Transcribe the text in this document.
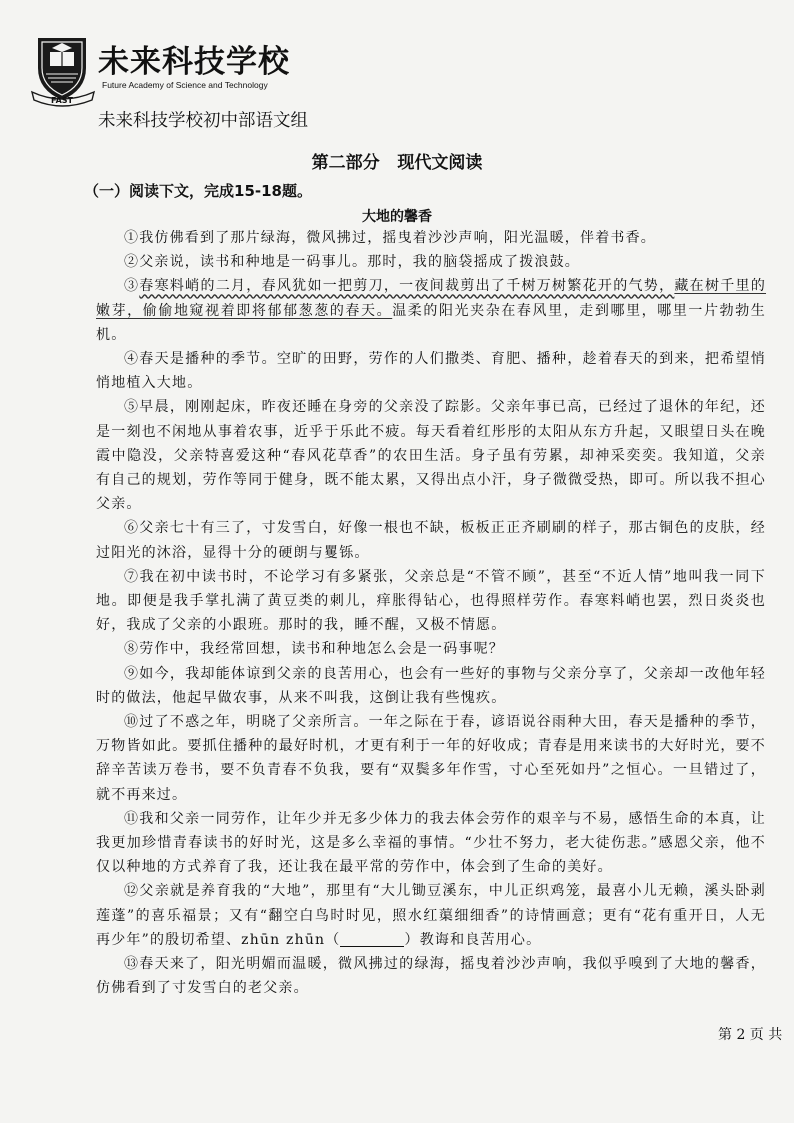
FAST
未来科技学校
Future Academy of Science and Technology
未来科技学校初中部语文组
第二部分   现代文阅读
（一）阅读下文，完成15-18题。
大地的馨香

①我仿佛看到了那片绿海，微风拂过，摇曳着沙沙声响，阳光温暖，伴着书香。

②父亲说，读书和种地是一码事儿。那时，我的脑袋摇成了拨浪鼓。

③春寒料峭的二月，春风犹如一把剪刀，一夜间裁剪出了千树万树繁花开的气势，藏在树千里的嫩芽，偷偷地窥视着即将郁郁葱葱的春天。温柔的阳光夹杂在春风里，走到哪里，哪里一片勃勃生机。

④春天是播种的季节。空旷的田野，劳作的人们撒类、育肥、播种，趁着春天的到来，把希望悄悄地植入大地。

⑤早晨，刚刚起床，昨夜还睡在身旁的父亲没了踪影。父亲年事已高，已经过了退休的年纪，还是一刻也不闲地从事着农事，近乎于乐此不疲。每天看着红彤彤的太阳从东方升起，又眼望日头在晚霞中隐没，父亲特喜爱这种“春风花草香”的农田生活。身子虽有劳累，却神采奕奕。我知道，父亲有自己的规划，劳作等同于健身，既不能太累，又得出点小汗，身子微微受热，即可。所以我不担心父亲。

⑥父亲七十有三了，寸发雪白，好像一根也不缺，板板正正齐刷刷的样子，那古铜色的皮肤，经过阳光的沐浴，显得十分的硬朗与矍铄。

⑦我在初中读书时，不论学习有多紧张，父亲总是“不管不顾”，甚至“不近人情”地叫我一同下地。即便是我手掌扎满了黄豆类的刺儿，痒胀得钻心，也得照样劳作。春寒料峭也罢，烈日炎炎也好，我成了父亲的小跟班。那时的我，睡不醒，又极不情愿。

⑧劳作中，我经常回想，读书和种地怎么会是一码事呢？

⑨如今，我却能体谅到父亲的良苦用心，也会有一些好的事物与父亲分享了，父亲却一改他年轻时的做法，他起早做农事，从来不叫我，这倒让我有些愧疚。

⑩过了不惑之年，明晓了父亲所言。一年之际在于春，谚语说谷雨种大田，春天是播种的季节，万物皆如此。要抓住播种的最好时机，才更有利于一年的好收成；青春是用来读书的大好时光，要不辞辛苦读万卷书，要不负青春不负我，要有“双鬓多年作雪，寸心至死如丹”之恒心。一旦错过了，就不再来过。

⑪我和父亲一同劳作，让年少并无多少体力的我去体会劳作的艰辛与不易，感悟生命的本真，让我更加珍惜青春读书的好时光，这是多么幸福的事情。“少壮不努力，老大徒伤悲。”感恩父亲，他不仅以种地的方式养育了我，还让我在最平常的劳作中，体会到了生命的美好。

⑫父亲就是养育我的“大地”，那里有“大儿锄豆溪东，中儿正织鸡笼，最喜小儿无赖，溪头卧剥莲蓬”的喜乐福景；又有“翻空白鸟时时见，照水红蕖细细香”的诗情画意；更有“花有重开日，人无再少年”的殷切希望、zhūn zhūn（	）教诲和良苦用心。

⑬春天来了，阳光明媚而温暖，微风拂过的绿海，摇曳着沙沙声响，我似乎嗅到了大地的馨香，仿佛看到了寸发雪白的老父亲。

第 2 页 共
